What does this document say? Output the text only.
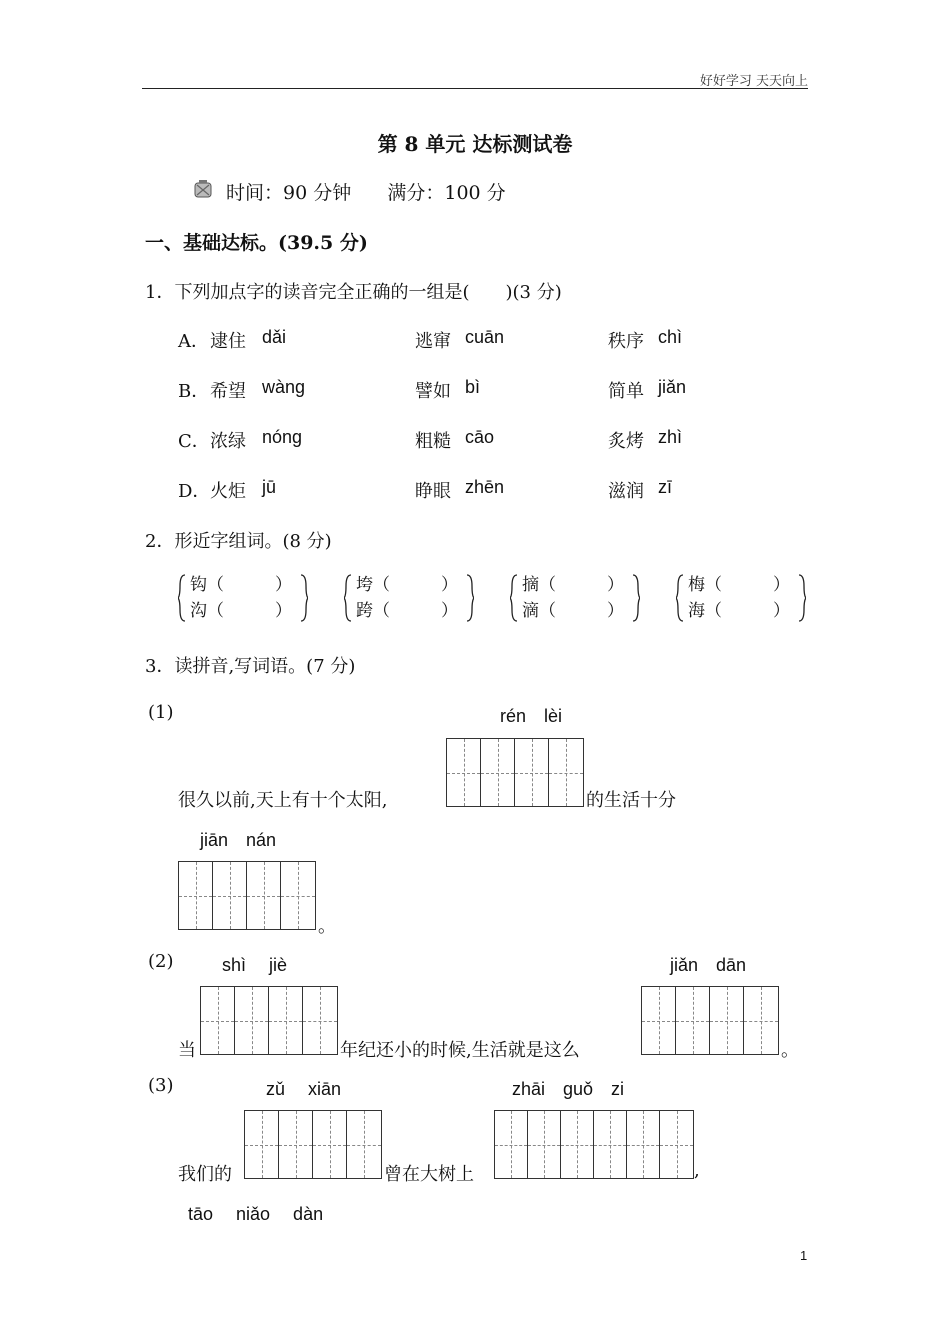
好好学习 天天向上
第 8 单元 达标测试卷
时间：90 分钟 满分：100 分
一、基础达标。(39.5 分)
1．下列加点字的读音完全正确的一组是(　　)(3 分)
A． 逮住 dǎi	逃窜 cuān	秩序 chì
B． 希望 wàng	譬如 bì	简单 jiǎn
C． 浓绿 nóng	粗糙 cāo	炙烤 zhì
D． 火炬 jū	睁眼 zhēn	滋润 zī
2．形近字组词。(8 分)
钩（　　　）
沟（　　　）
垮（　　　）
跨（　　　）
摘（　　　）
滴（　　　）
梅（　　　）
海（　　　）
3．读拼音,写词语。(7 分)
(1)	rén　lèi
很久以前,天上有十个太阳,	的生活十分
jiān　nán
。
(2)	shì　 jiè	jiǎn　dān
当	年纪还小的时候,生活就是这么	。
(3)	zǔ　 xiān	zhāi　guǒ　zi
我们的	曾在大树上	,
tāo　 niǎo　 dàn
1
